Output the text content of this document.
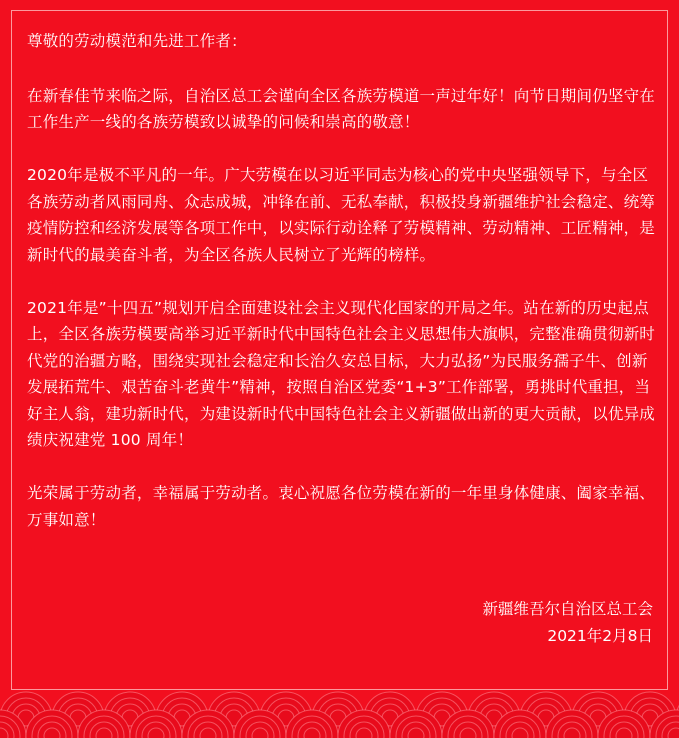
尊敬的劳动模范和先进工作者：

在新春佳节来临之际，自治区总工会谨向全区各族劳模道一声过年好！向节日期间仍坚守在工作生产一线的各族劳模致以诚挚的问候和崇高的敬意！

2020年是极不平凡的一年。广大劳模在以习近平同志为核心的党中央坚强领导下，与全区各族劳动者风雨同舟、众志成城，冲锋在前、无私奉献，积极投身新疆维护社会稳定、统筹疫情防控和经济发展等各项工作中，以实际行动诠释了劳模精神、劳动精神、工匠精神，是新时代的最美奋斗者，为全区各族人民树立了光辉的榜样。

2021年是”十四五”规划开启全面建设社会主义现代化国家的开局之年。站在新的历史起点上，全区各族劳模要高举习近平新时代中国特色社会主义思想伟大旗帜，完整准确贯彻新时代党的治疆方略，围绕实现社会稳定和长治久安总目标，大力弘扬”为民服务孺子牛、创新发展拓荒牛、艰苦奋斗老黄牛”精神，按照自治区党委“1+3”工作部署，勇挑时代重担，当好主人翁，建功新时代，为建设新时代中国特色社会主义新疆做出新的更大贡献，以优异成绩庆祝建党 100 周年！

光荣属于劳动者，幸福属于劳动者。衷心祝愿各位劳模在新的一年里身体健康、阖家幸福、万事如意！

新疆维吾尔自治区总工会
2021年2月8日
